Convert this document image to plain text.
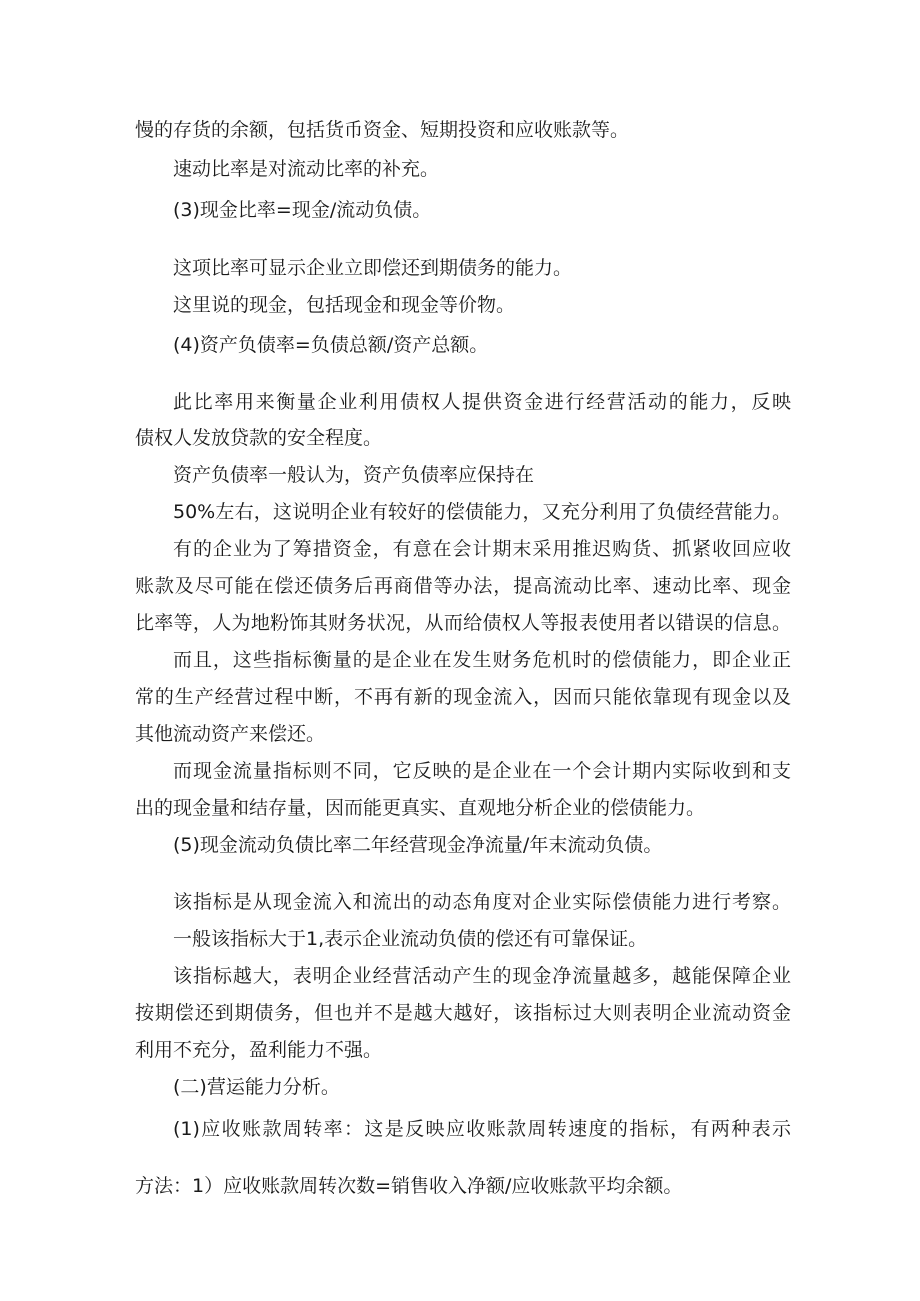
慢的存货的余额，包括货币资金、短期投资和应收账款等。

速动比率是对流动比率的补充。

(3)现金比率=现金/流动负债。

这项比率可显示企业立即偿还到期债务的能力。

这里说的现金，包括现金和现金等价物。

(4)资产负债率=负债总额/资产总额。

此比率用来衡量企业利用债权人提供资金进行经营活动的能力，反映

债权人发放贷款的安全程度。

资产负债率一般认为，资产负债率应保持在

50%左右，这说明企业有较好的偿债能力，又充分利用了负债经营能力。

有的企业为了筹措资金，有意在会计期末采用推迟购货、抓紧收回应收

账款及尽可能在偿还债务后再商借等办法，提高流动比率、速动比率、现金

比率等，人为地粉饰其财务状况，从而给债权人等报表使用者以错误的信息。

而且，这些指标衡量的是企业在发生财务危机时的偿债能力，即企业正

常的生产经营过程中断，不再有新的现金流入，因而只能依靠现有现金以及

其他流动资产来偿还。

而现金流量指标则不同，它反映的是企业在一个会计期内实际收到和支

出的现金量和结存量，因而能更真实、直观地分析企业的偿债能力。

(5)现金流动负债比率二年经营现金净流量/年末流动负债。

该指标是从现金流入和流出的动态角度对企业实际偿债能力进行考察。

一般该指标大于1,表示企业流动负债的偿还有可靠保证。

该指标越大，表明企业经营活动产生的现金净流量越多，越能保障企业

按期偿还到期债务，但也并不是越大越好，该指标过大则表明企业流动资金

利用不充分，盈利能力不强。

(二)营运能力分析。

(1)应收账款周转率：这是反映应收账款周转速度的指标，有两种表示

方法：1）应收账款周转次数=销售收入净额/应收账款平均余额。
